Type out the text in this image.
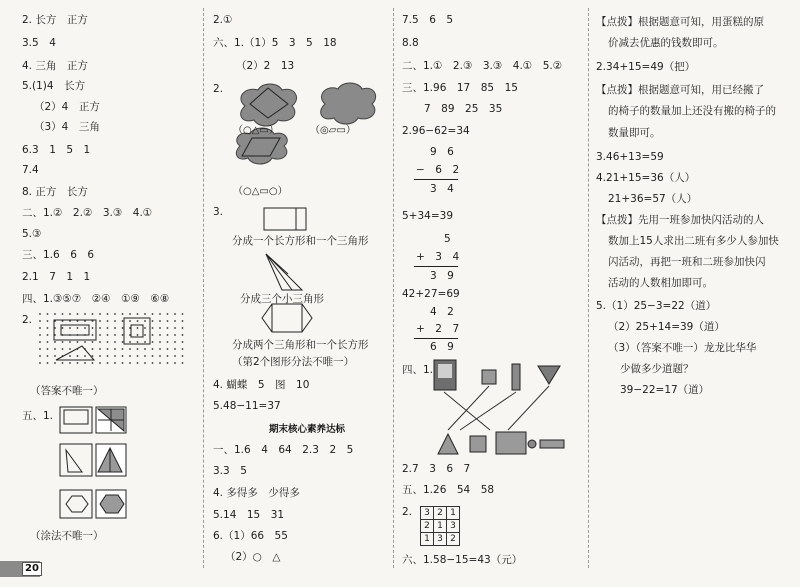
2. 长方　正方
3.5　4
4. 三角　正方
5.(1)4　长方
（2）4　正方
（3）4　三角
6.3　1　5　1
7.4
8. 正方　长方
二、1.②　2.②　3.③　4.①
5.③
三、1.6　6　6
2.1　7　1　1
四、1.③⑤⑦　②④　①⑨　⑥⑧
2.
（答案不唯一）
五、1.
（涂法不唯一）
20
2.①
六、1.（1）5　3　5　18
（2）2　13
2.
（○△▭）	（◎▱▭）
（○△▭○）
3.
分成一个长方形和一个三角形
分成三个小三角形
分成两个三角形和一个长方形
（第2个图形分法不唯一）
4. 蝴蝶　5　图　10
5.48−11=37
期末核心素养达标
一、1.6　4　64　2.3　2　5
3.3　5
4. 多得多　少得多
5.14　15　31
6.（1）66　55
（2）○　△
7.5　6　5
8.8
二、1.①　2.③　3.③　4.①　5.②
三、1.96　17　85　15
7　89　25　35
2.96−62=34
9　6
−　6　2
3　4
5+34=39
5
+　3　4
3　9
42+27=69
4　2
+　2　7
6　9
四、1.
2.7　3　6　7
五、1.26　54　58
2. 3	2	1
2	1	3
1	3	2
六、1.58−15=43（元）
【点拨】根据题意可知，用蛋糕的原
价减去优惠的钱数即可。
2.34+15=49（把）
【点拨】根据题意可知，用已经搬了
的椅子的数量加上还没有搬的椅子的
数量即可。
3.46+13=59
4.21+15=36（人）
21+36=57（人）
【点拨】先用一班参加快闪活动的人
数加上15人求出二班有多少人参加快
闪活动，再把一班和二班参加快闪
活动的人数相加即可。
5.（1）25−3=22（道）
（2）25+14=39（道）
（3）（答案不唯一）龙龙比华华
少做多少道题？
39−22=17（道）
